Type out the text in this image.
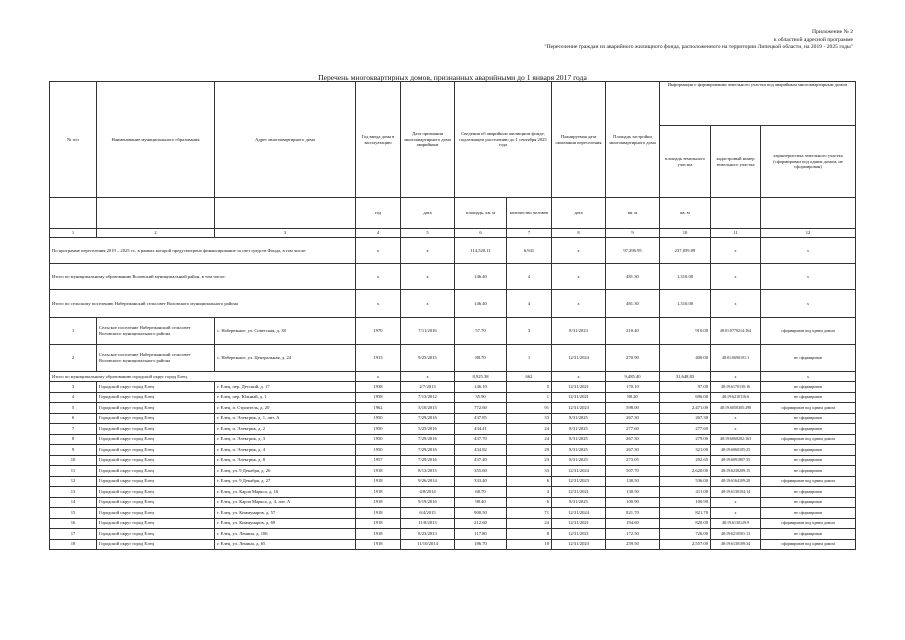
Приложение № 2
к областной адресной программе
"Переселение граждан из аварийного жилищного фонда, расположенного на территории Липецкой области, на 2019 - 2025 годы"
Перечень многоквартирных домов, признанных аварийными до 1 января 2017 года
№ п/п	Наименование муниципального образования	Адрес многоквартирного дома	Год ввода дома в эксплуатацию	Дата признания многоквартирного дома аварийным	Сведения об аварийном жилищном фонде, подлежащем расселению до 1 сентября 2025 года		Планируемая дата окончания переселения	Площадь застройки многоквартирного дома	Информация о формировании земельного участка под аварийным многоквартирным домом		
									площадь земельного участка	кадастровый номер земельного участка	характеристика земельного участка (сформирован под одним домом, не сформирован)
			год	дата	площадь, кв. м	количество человек	дата	кв. м	кв. м		
1	2	3	4	5	6	7	8	9	10	11	12
По программе переселения 2019 – 2025 гг., в рамках которой предусмотрено финансирование за счет средств Фонда, в том числе:			х	х	114,520.11	6,941	х	97,296.95	237,059.09	х	х
Итого по муниципальному образованию Воловский муниципальный район, в том числе:			х	х	146.40	4	х	481.30	1,310.00	х	х
Итого по сельскому поселению Набережанский сельсовет Воловского муниципального района			х	х	146.40	4	х	481.30	1,310.00	х	х
1	Сельское поселение Набережанский сельсовет Воловского муниципального района	с. Набережное, ул. Советская, д. 38	1970	7/11/2016	57.70	3	8/31/2023	210.40	910.00	48:01:0770214:164	сформирован под одним домом
2	Сельское поселение Набережанский сельсовет Воловского муниципального района	с. Набережное, ул. Центральная, д. 24	1913	9/25/2015	88.70	1	12/31/2024	270.90	400.00	48:01:0690101:1	не сформирован
Итого по муниципальному образованию городской округ город Елец			х	х	8,925.38	662	х	9,485.40	31,648.83	х	х
3	Городской округ город Елец	г. Елец, пер. Детский, д. 17	1938	2/7/2013	146.10	5	12/31/2021	170.10	97.00	48:19:6170130:16	не сформирован
4	Городской округ город Елец	г. Елец, пер. Южный, д. 1	1958	7/13/2012	35.90	1	12/31/2021	88.20	696.00	48:19:6210116:6	не сформирован
5	Городской округ город Елец	г. Елец, п. Строитель, д. 20	1962	3/10/2015	772.60	91	12/31/2023	598.00	2,471.00	48:19:6050305:298	сформирован под одним домом
6	Городской округ город Елец	г. Елец, п. Электрик, д. 1, лит. А	1950	7/29/2016	437.85	33	8/31/2025	267.30	267.30	х	не сформирован
7	Городской округ город Елец	г. Елец, п. Электрик, д. 2	1950	5/25/2016	434.41	24	8/31/2025	277.60	277.60	х	не сформирован
8	Городской округ город Елец	г. Елец, п. Электрик, д. 3	1950	7/29/2016	437.70	24	8/31/2025	267.30	279.00	48:19:6060202:163	сформирован под одним домом
9	Городской округ город Елец	г. Елец, п. Электрик, д. 4	1950	7/29/2016	434.82	29	8/31/2025	267.30	321.00	48:19:6060105:25	не сформирован
10	Городской округ город Елец	г. Елец, п. Электрик, д. 8	1957	7/29/2016	437.40	23	8/31/2025	273.05	292.65	48:19:6091807:35	не сформирован
11	Городской округ город Елец	г. Елец, ул. 9 Декабря, д. 26	1918	8/13/2015	355.60	33	12/31/2024	507.70	2,620.00	48:19:6230209:15	не сформирован
12	Городской округ город Елец	г. Елец, ул. 9 Декабря, д. 27	1918	9/26/2014	333.40	6	12/31/2023	138.50	536.00	48:19:6164109:20	сформирован под одним домом
13	Городской округ город Елец	г. Елец, ул. Карла Маркса, д. 16	1918	4/8/2014	68.70	4	12/31/2021	130.50	411.00	48:19:6130104:14	не сформирован
14	Городской округ город Елец	г. Елец, ул. Карла Маркса, д. 4, лит. А	1918	9/19/2016	98.40	6	8/31/2025	100.90	100.90	х	не сформирован
15	Городской округ город Елец	г. Елец, ул. Коммунаров, д. 57	1918	6/4/2015	900.50	71	12/31/2024	821.70	821.70	х	не сформирован
16	Городской округ город Елец	г. Елец, ул. Коммунаров, д. 69	1918	11/8/2013	212.60	24	12/31/2021	194.60	820.00	48:19:6130129:9	сформирован под одним домом
17	Городской округ город Елец	г. Елец, ул. Ленина, д. 106	1918	8/23/2013	117.80	8	12/31/2021	172.50	726.00	48:19:6210501:13	не сформирован
18	Городской округ город Елец	г. Елец, ул. Ленина, д. 65	1918	11/10/2014	186.70	10	12/31/2023	259.50	2,557.00	48:19:6130109:34	сформирован под одним домом
